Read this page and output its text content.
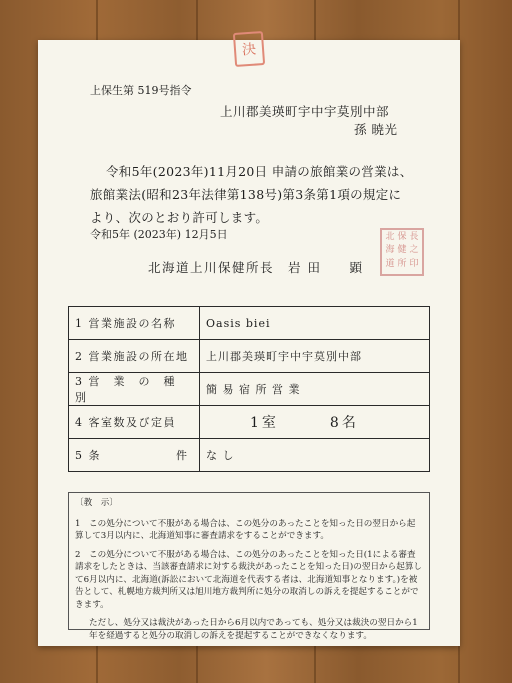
決
上保生第 519号指令
上川郡美瑛町宇中宇莫別中部
孫 暁光
令和5年(2023年)11月20日 申請の旅館業の営業は、
旅館業法(昭和23年法律第138号)第3条第1項の規定に
より、次のとおり許可します。
令和5年 (2023年) 12月5日
北海道上川保健所長　岩 田　　顕
北 保 長
海 健 之
道 所 印
1 営業施設の名称	Oasis biei
2 営業施設の所在地	上川郡美瑛町宇中宇莫別中部
3 営　業　の　種　別	簡 易 宿 所 営 業
4 客室数及び定員	1室　　　8名
5 条　　　　　　件	な し
〔教　示〕

1　この処分について不服がある場合は、この処分のあったことを知った日の翌日から起算して3月以内に、北海道知事に審査請求をすることができます。

2　この処分について不服がある場合は、この処分のあったことを知った日(1による審査請求をしたときは、当該審査請求に対する裁決があったことを知った日)の翌日から起算して6月以内に、北海道(訴訟において北海道を代表する者は、北海道知事となります。)を被告として、札幌地方裁判所又は旭川地方裁判所に処分の取消しの訴えを提起することができます。

ただし、処分又は裁決があった日から6月以内であっても、処分又は裁決の翌日から1年を経過すると処分の取消しの訴えを提起することができなくなります。
